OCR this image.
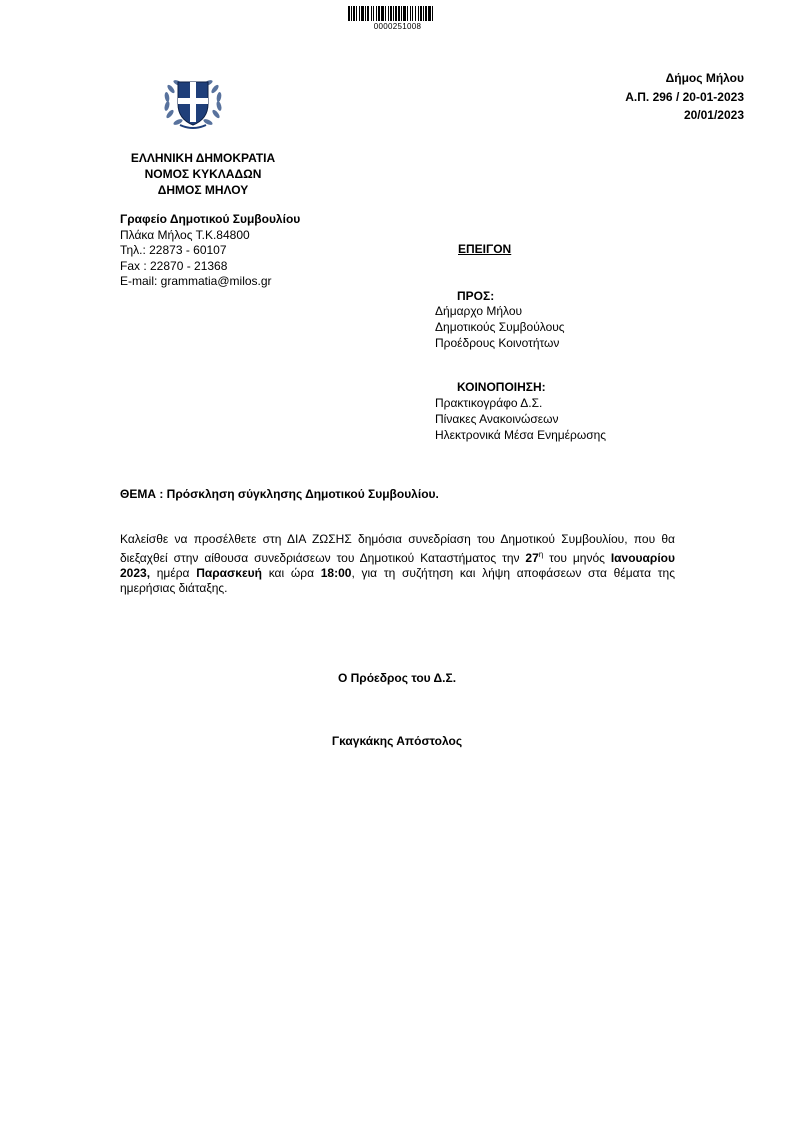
0000251008
Δήμος Μήλου
Α.Π. 296 / 20-01-2023
20/01/2023
ΕΛΛΗΝΙΚΗ ΔΗΜΟΚΡΑΤΙΑ
ΝΟΜΟΣ ΚΥΚΛΑΔΩΝ
ΔΗΜΟΣ ΜΗΛΟΥ
Γραφείο Δημοτικού Συμβουλίου
Πλάκα Μήλος Τ.Κ.84800
Τηλ.: 22873 - 60107
Fax : 22870 - 21368
E-mail: grammatia@milos.gr
ΕΠΕΙΓΟΝ
ΠΡΟΣ:
Δήμαρχο Μήλου
Δημοτικούς Συμβούλους
Προέδρους Κοινοτήτων
ΚΟΙΝΟΠΟΙΗΣΗ:
Πρακτικογράφο Δ.Σ.
Πίνακες Ανακοινώσεων
Ηλεκτρονικά Μέσα Ενημέρωσης
ΘΕΜΑ : Πρόσκληση σύγκλησης Δημοτικού Συμβουλίου.
Καλείσθε να προσέλθετε στη ΔΙΑ ΖΩΣΗΣ δημόσια συνεδρίαση του Δημοτικού Συμβουλίου, που θα διεξαχθεί στην αίθουσα συνεδριάσεων του Δημοτικού Καταστήματος την $27^\eta$ του μηνός Ιανουαρίου 2023, ημέρα Παρασκευή και ώρα 18:00, για τη συζήτηση και λήψη αποφάσεων στα θέματα της ημερήσιας διάταξης.
Ο Πρόεδρος του Δ.Σ.
Γκαγκάκης Απόστολος
